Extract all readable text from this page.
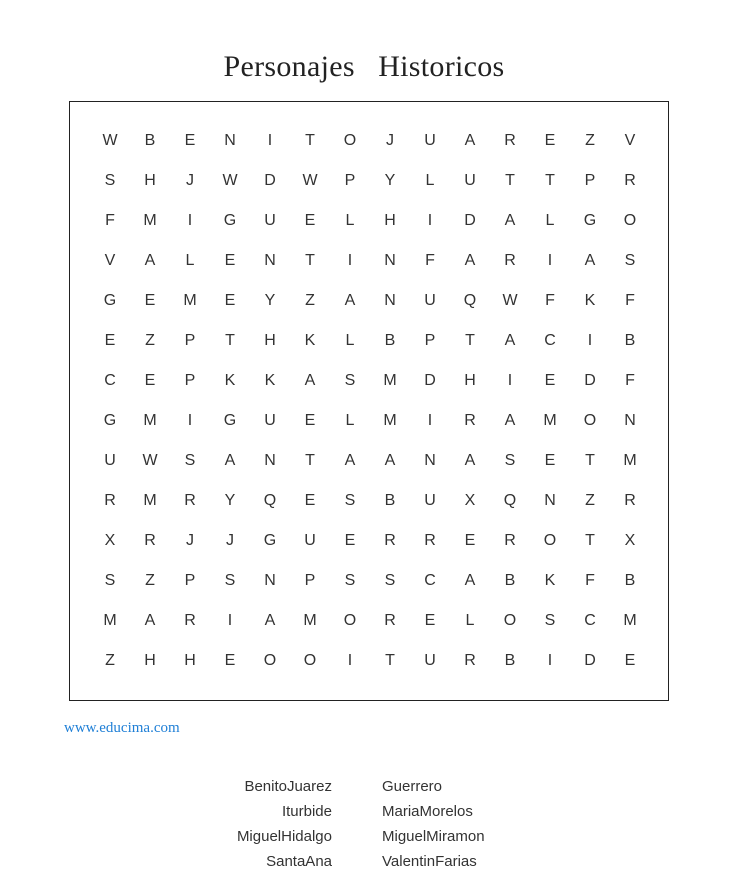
Personajes   Historicos
W	B	E	N	I	T	O	J	U	A	R	E	Z	V
S	H	J	W	D	W	P	Y	L	U	T	T	P	R
F	M	I	G	U	E	L	H	I	D	A	L	G	O
V	A	L	E	N	T	I	N	F	A	R	I	A	S
G	E	M	E	Y	Z	A	N	U	Q	W	F	K	F
E	Z	P	T	H	K	L	B	P	T	A	C	I	B
C	E	P	K	K	A	S	M	D	H	I	E	D	F
G	M	I	G	U	E	L	M	I	R	A	M	O	N
U	W	S	A	N	T	A	A	N	A	S	E	T	M
R	M	R	Y	Q	E	S	B	U	X	Q	N	Z	R
X	R	J	J	G	U	E	R	R	E	R	O	T	X
S	Z	P	S	N	P	S	S	C	A	B	K	F	B
M	A	R	I	A	M	O	R	E	L	O	S	C	M
Z	H	H	E	O	O	I	T	U	R	B	I	D	E
www.educima.com
BenitoJuarez
Iturbide
MiguelHidalgo
SantaAna
Guerrero
MariaMorelos
MiguelMiramon
ValentinFarias
